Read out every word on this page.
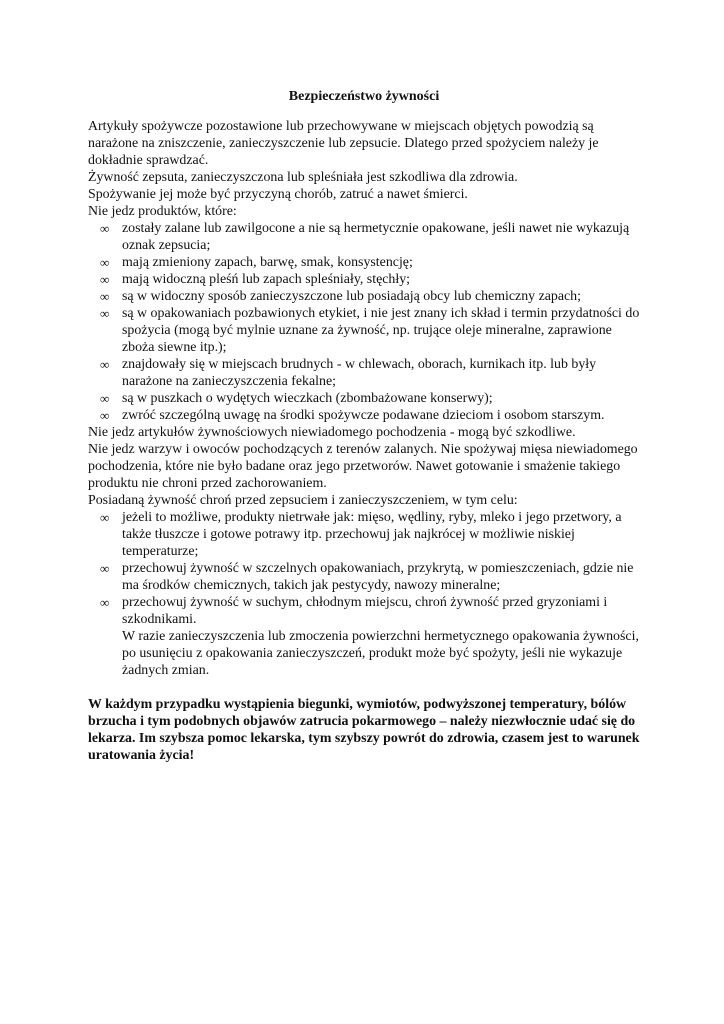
Bezpieczeństwo żywności

Artykuły spożywcze pozostawione lub przechowywane w miejscach objętych powodzią są narażone na zniszczenie, zanieczyszczenie lub zepsucie. Dlatego przed spożyciem należy je dokładnie sprawdzać.

Żywność zepsuta, zanieczyszczona lub spleśniała jest szkodliwa dla zdrowia.

Spożywanie jej może być przyczyną chorób, zatruć a nawet śmierci.

Nie jedz produktów, które:

∞ zostały zalane lub zawilgocone a nie są hermetycznie opakowane, jeśli nawet nie wykazują oznak zepsucia;
∞ mają zmieniony zapach, barwę, smak, konsystencję;
∞ mają widoczną pleśń lub zapach spleśniały, stęchły;
∞ są w widoczny sposób zanieczyszczone lub posiadają obcy lub chemiczny zapach;
∞ są w opakowaniach pozbawionych etykiet, i nie jest znany ich skład i termin przydatności do spożycia (mogą być mylnie uznane za żywność, np. trujące oleje mineralne, zaprawione zboża siewne itp.);
∞ znajdowały się w miejscach brudnych - w chlewach, oborach, kurnikach itp. lub były narażone na zanieczyszczenia fekalne;
∞ są w puszkach o wydętych wieczkach (zbombażowane konserwy);
∞ zwróć szczególną uwagę na środki spożywcze podawane dzieciom i osobom starszym.

Nie jedz artykułów żywnościowych niewiadomego pochodzenia - mogą być szkodliwe.

Nie jedz warzyw i owoców pochodzących z terenów zalanych. Nie spożywaj mięsa niewiadomego pochodzenia, które nie było badane oraz jego przetworów. Nawet gotowanie i smażenie takiego produktu nie chroni przed zachorowaniem.

Posiadaną żywność chroń przed zepsuciem i zanieczyszczeniem, w tym celu:

∞ jeżeli to możliwe, produkty nietrwałe jak: mięso, wędliny, ryby, mleko i jego przetwory, a także tłuszcze i gotowe potrawy itp. przechowuj jak najkrócej w możliwie niskiej temperaturze;
∞ przechowuj żywność w szczelnych opakowaniach, przykrytą, w pomieszczeniach, gdzie nie ma środków chemicznych, takich jak pestycydy, nawozy mineralne;
∞ przechowuj żywność w suchym, chłodnym miejscu, chroń żywność przed gryzoniami i szkodnikami.

W razie zanieczyszczenia lub zmoczenia powierzchni hermetycznego opakowania żywności, po usunięciu z opakowania zanieczyszczeń, produkt może być spożyty, jeśli nie wykazuje żadnych zmian.

W każdym przypadku wystąpienia biegunki, wymiotów, podwyższonej temperatury, bólów brzucha i tym podobnych objawów zatrucia pokarmowego – należy niezwłocznie udać się do lekarza. Im szybsza pomoc lekarska, tym szybszy powrót do zdrowia, czasem jest to warunek uratowania życia!
